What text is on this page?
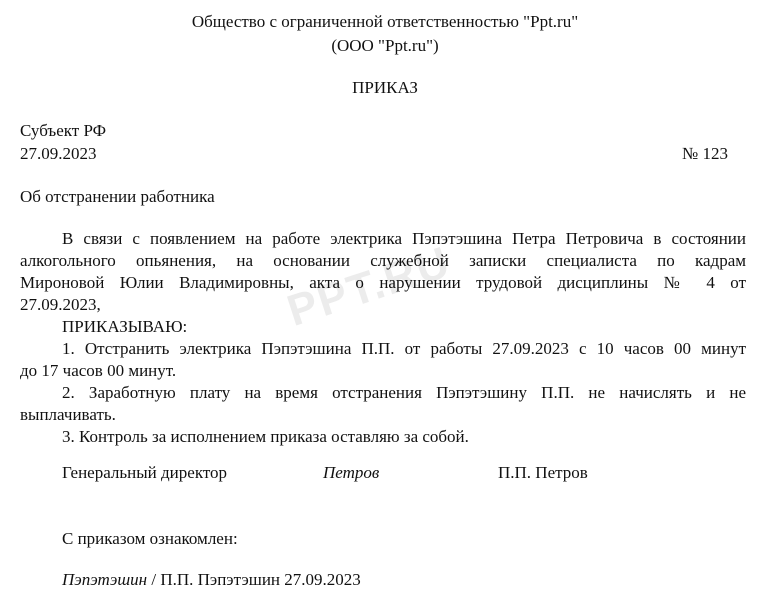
Общество с ограниченной ответственностью "Ppt.ru"
(ООО "Ppt.ru")
ПРИКАЗ
Субъект РФ
27.09.2023	№ 123
Об отстранении работника
В связи с появлением на работе электрика Пэпэтэшина Петра Петровича в состоянии
алкогольного опьянения, на основании служебной записки специалиста по кадрам
Мироновой Юлии Владимировны, акта о нарушении трудовой дисциплины № 4 от
27.09.2023,
ПРИКАЗЫВАЮ:
1. Отстранить электрика Пэпэтэшина П.П. от работы 27.09.2023 с 10 часов 00 минут
до 17 часов 00 минут.
2. Заработную плату на время отстранения Пэпэтэшину П.П. не начислять и не
выплачивать.
3. Контроль за исполнением приказа оставляю за собой.
Генеральный директор	Петров	П.П. Петров
С приказом ознакомлен:
Пэпэтэшин / П.П. Пэпэтэшин 27.09.2023
PPT.RU
